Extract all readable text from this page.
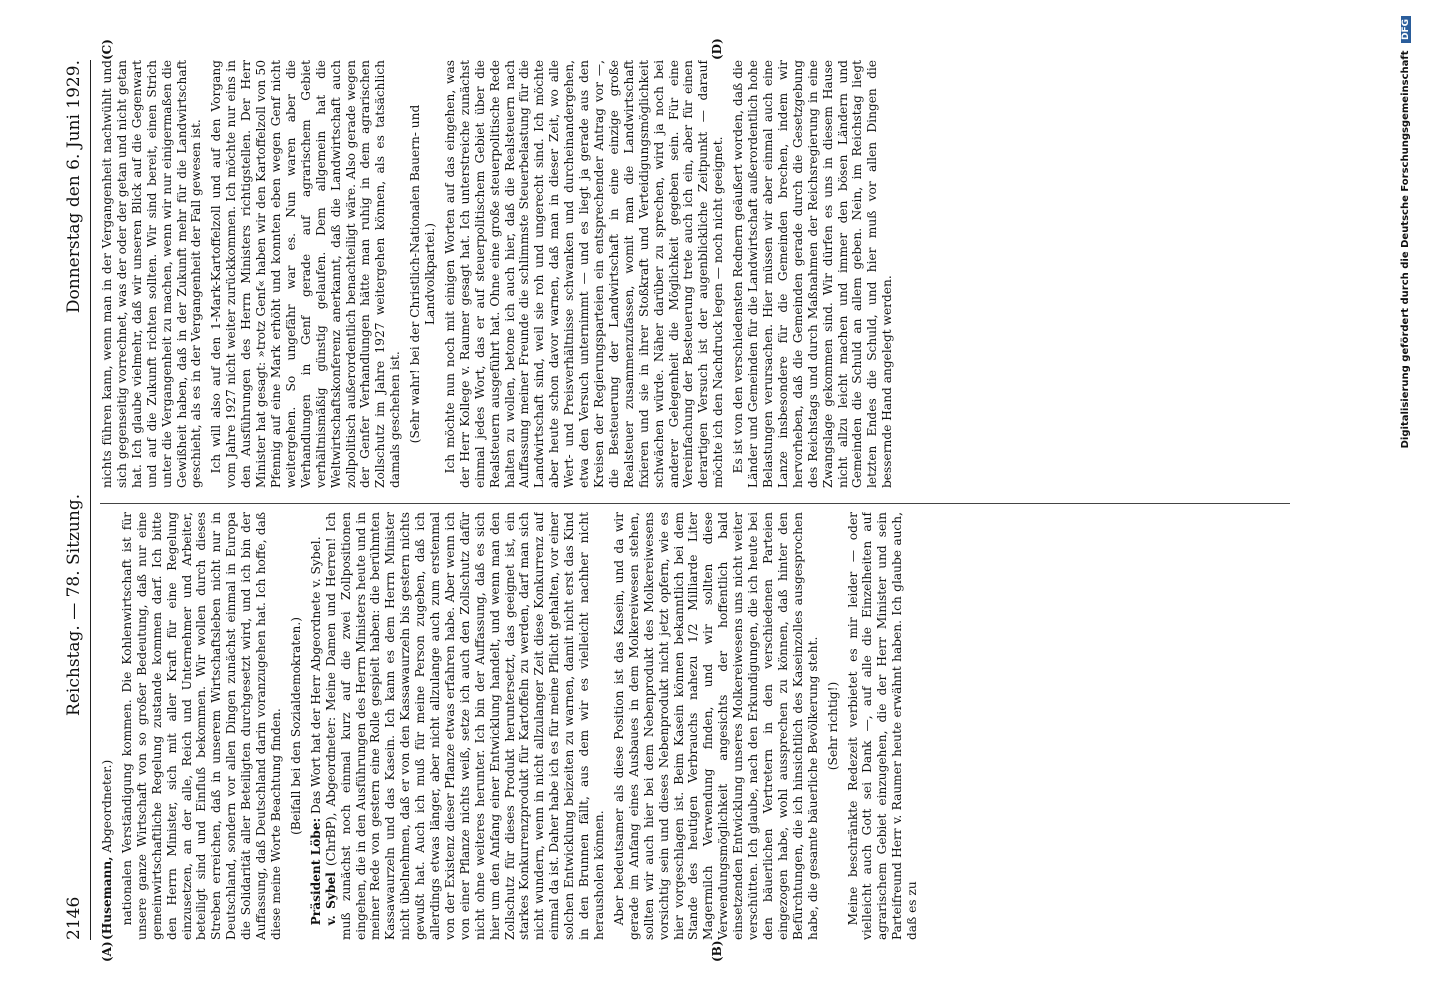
2146
Reichstag. — 78. Sitzung.
Donnerstag den 6. Juni 1929.

(Husemann, Abgeordneter.) nationalen Verständigung kommen. Die Kohlenwirtschaft ist für unsere ganze Wirtschaft von so großer Bedeutung, daß nur eine gemeinwirtschaftliche Regelung zustande kommen darf. Ich bitte den Herrn Minister, sich mit aller Kraft für eine Regelung einzusetzen, an der alle, Reich und Unternehmer und Arbeiter, beteiligt sind und Einfluß bekommen. Wir wollen durch dieses Streben erreichen, daß in unserem Wirtschaftsleben nicht nur in Deutschland, sondern vor allen Dingen zunächst einmal in Europa die Solidarität aller Beteiligten durchgesetzt wird, und ich bin der Auffassung, daß Deutschland darin voranzugehen hat. Ich hoffe, daß diese meine Worte Beachtung finden. (Beifall bei den Sozialdemokraten.)

Präsident Löbe: Das Wort hat der Herr Abgeordnete v. Sybel.

v. Sybel (ChrBP), Abgeordneter: Meine Damen und Herren! Ich muß zunächst noch einmal kurz auf die zwei Zollpositionen eingehen, die in den Ausführungen des Herrn Ministers heute und in meiner Rede von gestern eine Rolle gespielt haben: die berühmten Kassawaurzeln und das Kasein. Ich kann es dem Herrn Minister nicht übelnehmen, daß er von den Kassawaurzeln bis gestern nichts gewußt hat. Auch ich muß für meine Person zugeben, daß ich allerdings etwas länger, aber nicht allzulange auch zum erstenmal von der Existenz dieser Pflanze etwas erfahren habe. Aber wenn ich von einer Pflanze nichts weiß, setze ich auch den Zollschutz dafür nicht ohne weiteres herunter. Ich bin der Auffassung, daß es sich hier um den Anfang einer Entwicklung handelt, und wenn man den Zollschutz für dieses Produkt heruntersetzt, das geeignet ist, ein starkes Konkurrenzprodukt für Kartoffeln zu werden, darf man sich nicht wundern, wenn in nicht allzulanger Zeit diese Konkurrenz auf einmal da ist. Daher habe ich es für meine Pflicht gehalten, vor einer solchen Entwicklung beizeiten zu warnen, damit nicht erst das Kind in den Brunnen fällt, aus dem wir es vielleicht nachher nicht herausholen können. Aber bedeutsamer als diese Position ist das Kasein, und da wir gerade im Anfang eines Ausbaues in dem Molkereiwesen stehen, sollten wir auch hier bei dem Nebenprodukt des Molkereiwesens vorsichtig sein und dieses Nebenprodukt nicht jetzt opfern, wie es hier vorgeschlagen ist. Beim Kasein können bekanntlich bei dem Stande des heutigen Verbrauchs nahezu 1/2 Milliarde Liter Magermilch Verwendung finden, und wir sollten diese Verwendungsmöglichkeit angesichts der hoffentlich bald einsetzenden Entwicklung unseres Molkereiwesens uns nicht weiter verschütten. Ich glaube, nach den Erkundigungen, die ich heute bei den bäuerlichen Vertretern in den verschiedenen Parteien eingezogen habe, wohl aussprechen zu können, daß hinter den Befürchtungen, die ich hinsichtlich des Kaseinzolles ausgesprochen habe, die gesamte bäuerliche Bevölkerung steht. (Sehr richtig!) Meine beschränkte Redezeit verbietet es mir leider — oder vielleicht auch Gott sei Dank —, auf alle die Einzelheiten auf agrarischem Gebiet einzugehen, die der Herr Minister und sein Parteifreund Herr v. Raumer heute erwähnt haben. Ich glaube auch, daß es zu

nichts führen kann, wenn man in der Vergangenheit nachwühlt und sich gegenseitig vorrechnet, was der oder der getan und nicht getan hat. Ich glaube vielmehr, daß wir unseren Blick auf die Gegenwart und auf die Zukunft richten sollten. Wir sind bereit, einen Strich unter die Vergangenheit zu machen, wenn wir nur einigermaßen die Gewißheit haben, daß in der Zukunft mehr für die Landwirtschaft geschieht, als es in der Vergangenheit der Fall gewesen ist. Ich will also auf den 1-Mark-Kartoffelzoll und auf den Vorgang vom Jahre 1927 nicht weiter zurückkommen. Ich möchte nur eins in den Ausführungen des Herrn Ministers richtigstellen. Der Herr Minister hat gesagt: »trotz Genf« haben wir den Kartoffelzoll von 50 Pfennig auf eine Mark erhöht und konnten eben wegen Genf nicht weitergehen. So ungefähr war es. Nun waren aber die Verhandlungen in Genf gerade auf agrarischem Gebiet verhältnismäßig günstig gelaufen. Dem allgemein hat die Weltwirtschaftskonferenz anerkannt, daß die Landwirtschaft auch zollpolitisch außerordentlich benachteiligt wäre. Also gerade wegen der Genfer Verhandlungen hätte man ruhig in dem agrarischen Zollschutz im Jahre 1927 weitergehen können, als es tatsächlich damals geschehen ist. (Sehr wahr! bei der Christlich-Nationalen Bauern- und Landvolkpartei.) Ich möchte nun noch mit einigen Worten auf das eingehen, was der Herr Kollege v. Raumer gesagt hat. Ich unterstreiche zunächst einmal jedes Wort, das er auf steuerpolitischem Gebiet über die Realsteuern ausgeführt hat. Ohne eine große steuerpolitische Rede halten zu wollen, betone ich auch hier, daß die Realsteuern nach Auffassung meiner Freunde die schlimmste Steuerbelastung für die Landwirtschaft sind, weil sie roh und ungerecht sind. Ich möchte aber heute schon davor warnen, daß man in dieser Zeit, wo alle Wert- und Preisverhältnisse schwanken und durcheinandergehen, etwa den Versuch unternimmt — und es liegt ja gerade aus den Kreisen der Regierungsparteien ein entsprechender Antrag vor —, die Besteuerung der Landwirtschaft in eine einzige große Realsteuer zusammenzufassen, womit man die Landwirtschaft fixieren und sie in ihrer Stoßkraft und Verteidigungsmöglichkeit schwächen würde. Näher darüber zu sprechen, wird ja noch bei anderer Gelegenheit die Möglichkeit gegeben sein. Für eine Vereinfachung der Besteuerung trete auch ich ein, aber für einen derartigen Versuch ist der augenblickliche Zeitpunkt — darauf möchte ich den Nachdruck legen — noch nicht geeignet. Es ist von den verschiedensten Rednern geäußert worden, daß die Länder und Gemeinden für die Landwirtschaft außerordentlich hohe Belastungen verursachen. Hier müssen wir aber einmal auch eine Lanze insbesondere für die Gemeinden brechen, indem wir hervorheben, daß die Gemeinden gerade durch die Gesetzgebung des Reichstags und durch Maßnahmen der Reichsregierung in eine Zwangslage gekommen sind. Wir dürfen es uns in diesem Hause nicht allzu leicht machen und immer den bösen Ländern und Gemeinden die Schuld an allem geben. Nein, im Reichstag liegt letzten Endes die Schuld, und hier muß vor allen Dingen die bessernde Hand angelegt werden.

(A)	(B)
(C)	(D)
Digitalisierung gefördert durch die Deutsche Forschungsgemeinschaft DFG
